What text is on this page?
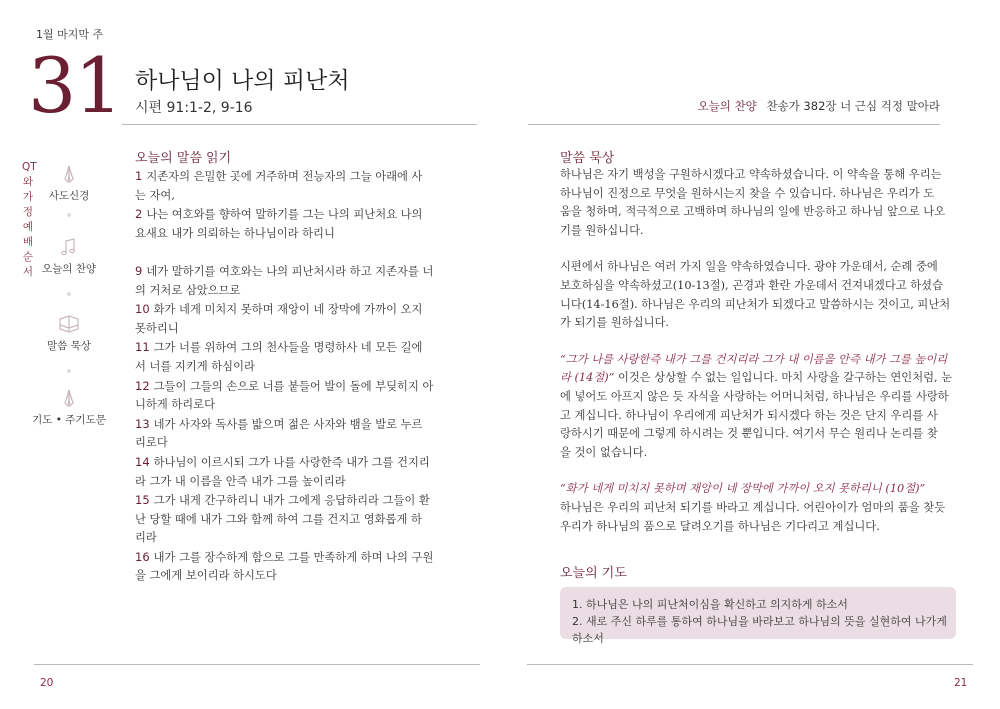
1월 마지막 주
31 하나님이 나의 피난처
시편 91:1-2, 9-16	오늘의 찬양 찬송가 382장 너 근심 걱정 말아라
QT와
가정예배
순서
사도신경
오늘의 찬양
말씀 묵상
기도 • 주기도문
오늘의 말씀 읽기

1 지존자의 은밀한 곳에 거주하며 전능자의 그늘 아래에 사

는 자여,

2 나는 여호와를 향하여 말하기를 그는 나의 피난처요 나의

요새요 내가 의뢰하는 하나님이라 하리니

9 네가 말하기를 여호와는 나의 피난처시라 하고 지존자를 너

의 거처로 삼았으므로

10 화가 네게 미치지 못하며 재앙이 네 장막에 가까이 오지

못하리니

11 그가 너를 위하여 그의 천사들을 명령하사 네 모든 길에

서 너를 지키게 하심이라

12 그들이 그들의 손으로 너를 붙들어 발이 돌에 부딪히지 아

니하게 하리로다

13 네가 사자와 독사를 밟으며 젊은 사자와 뱀을 발로 누르

리로다

14 하나님이 이르시되 그가 나를 사랑한즉 내가 그를 건지리

라 그가 내 이름을 안즉 내가 그를 높이리라

15 그가 내게 간구하리니 내가 그에게 응답하리라 그들이 환

난 당할 때에 내가 그와 함께 하여 그를 건지고 영화롭게 하

리라

16 내가 그를 장수하게 함으로 그를 만족하게 하며 나의 구원

을 그에게 보이리라 하시도다

말씀 묵상
하나님은 자기 백성을 구원하시겠다고 약속하셨습니다. 이 약속을 통해 우리는
하나님이 진정으로 무엇을 원하시는지 찾을 수 있습니다. 하나님은 우리가 도
움을 청하며, 적극적으로 고백하며 하나님의 일에 반응하고 하나님 앞으로 나오
기를 원하십니다.
시편에서 하나님은 여러 가지 일을 약속하였습니다. 광야 가운데서, 순례 중에
보호하심을 약속하셨고(10-13절), 곤경과 환란 가운데서 건져내겠다고 하셨습
니다(14-16절). 하나님은 우리의 피난처가 되겠다고 말씀하시는 것이고, 피난처
가 되기를 원하십니다.
“그가 나를 사랑한즉 내가 그를 건지리라 그가 내 이름을 안즉 내가 그를 높이리
라 (14절)” 이것은 상상할 수 없는 일입니다. 마치 사랑을 갈구하는 연인처럼, 눈
에 넣어도 아프지 않은 듯 자식을 사랑하는 어머니처럼, 하나님은 우리를 사랑하
고 계십니다. 하나님이 우리에게 피난처가 되시겠다 하는 것은 단지 우리를 사
랑하시기 때문에 그렇게 하시려는 것 뿐입니다. 여기서 무슨 원리나 논리를 찾
을 것이 없습니다.
“화가 네게 미치지 못하며 재앙이 네 장막에 가까이 오지 못하리니 (10절)”
하나님은 우리의 피난처 되기를 바라고 계십니다. 어린아이가 엄마의 품을 찾듯
우리가 하나님의 품으로 달려오기를 하나님은 기다리고 계십니다.
오늘의 기도
1. 하나님은 나의 피난처이심을 확신하고 의지하게 하소서
2. 새로 주신 하루를 통하여 하나님을 바라보고 하나님의 뜻을 실현하여 나가게 하소서
20	21
